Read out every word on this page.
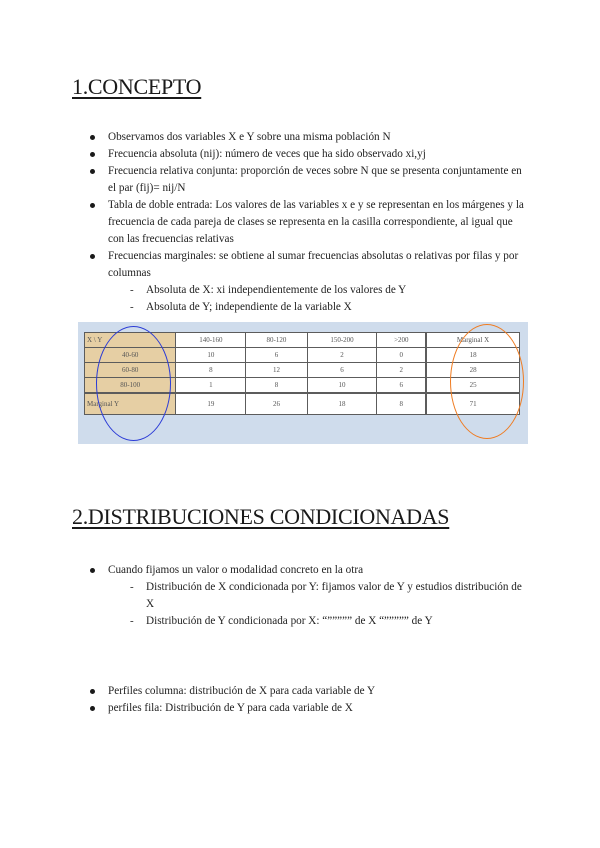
1.CONCEPTO
Observamos dos variables X e Y sobre una misma población N
Frecuencia absoluta (nij): número de veces que ha sido observado xi,yj
Frecuencia relativa conjunta: proporción de veces sobre N que se presenta conjuntamente en el par (fij)= nij/N
Tabla de doble entrada: Los valores de las variables x e y se representan en los márgenes y la frecuencia de cada pareja de clases se representa en la casilla correspondiente, al igual que con las frecuencias relativas
Frecuencias marginales: se obtiene al sumar frecuencias absolutas o relativas por filas y por columnas
- Absoluta de X: xi independientemente de los valores de Y
- Absoluta de Y; independiente de la variable X
X \ Y	140-160	80-120	150-200	>200	Marginal X
40-60	10	6	2	0	18
60-80	8	12	6	2	28
80-100	1	8	10	6	25
Marginal Y	19	26	18	8	71
2.DISTRIBUCIONES CONDICIONADAS
Cuando fijamos un valor o modalidad concreto en la otra
- Distribución de X condicionada por Y: fijamos valor de Y y estudios distribución de X
- Distribución de Y condicionada por X: “””””” de X “””””” de Y
Perfiles columna: distribución de X para cada variable de Y
perfiles fila: Distribución de Y para cada variable de X
